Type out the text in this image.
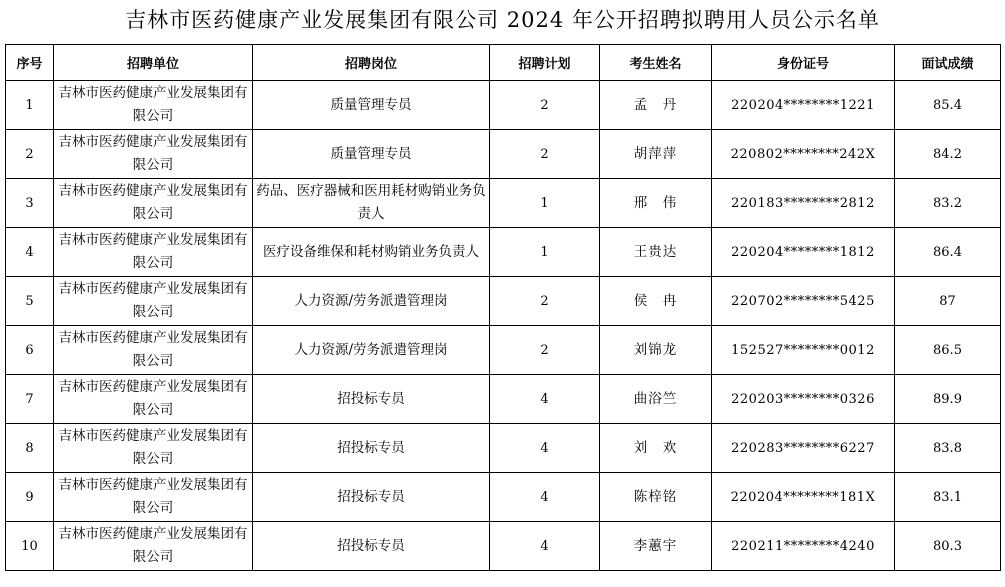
吉林市医药健康产业发展集团有限公司 2024 年公开招聘拟聘用人员公示名单
序号	招聘单位	招聘岗位	招聘计划	考生姓名	身份证号	面试成绩
1	吉林市医药健康产业发展集团有限公司	质量管理专员	2	孟　丹	220204********1221	85.4
2	吉林市医药健康产业发展集团有限公司	质量管理专员	2	胡萍萍	220802********242X	84.2
3	吉林市医药健康产业发展集团有限公司	药品、医疗器械和医用耗材购销业务负责人	1	邢　伟	220183********2812	83.2
4	吉林市医药健康产业发展集团有限公司	医疗设备维保和耗材购销业务负责人	1	王贵达	220204********1812	86.4
5	吉林市医药健康产业发展集团有限公司	人力资源/劳务派遣管理岗	2	侯　冉	220702********5425	87
6	吉林市医药健康产业发展集团有限公司	人力资源/劳务派遣管理岗	2	刘锦龙	152527********0012	86.5
7	吉林市医药健康产业发展集团有限公司	招投标专员	4	曲浴竺	220203********0326	89.9
8	吉林市医药健康产业发展集团有限公司	招投标专员	4	刘　欢	220283********6227	83.8
9	吉林市医药健康产业发展集团有限公司	招投标专员	4	陈梓铭	220204********181X	83.1
10	吉林市医药健康产业发展集团有限公司	招投标专员	4	李蕙宇	220211********4240	80.3
